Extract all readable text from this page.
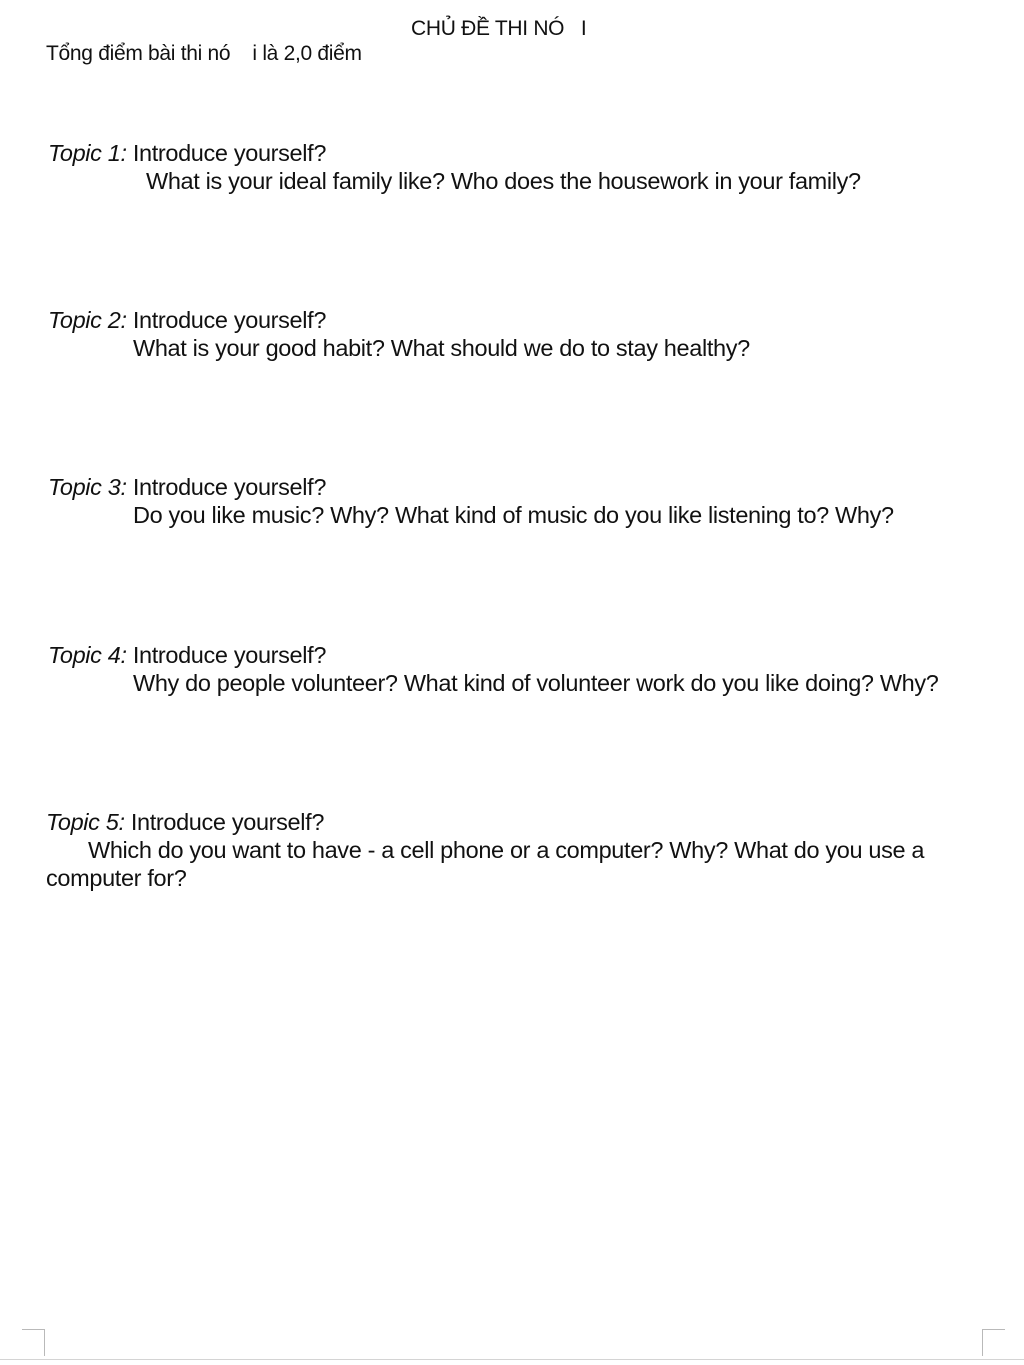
CHỦ ĐỀ THI NÓ   I
Tổng điểm bài thi nó    i là 2,0 điểm
Topic 1: Introduce yourself?
What is your ideal family like? Who does the housework in your family?
Topic 2: Introduce yourself?
What is your good habit? What should we do to stay healthy?
Topic 3: Introduce yourself?
Do you like music? Why? What kind of music do you like listening to? Why?
Topic 4: Introduce yourself?
Why do people volunteer? What kind of volunteer work do you like doing? Why?
Topic 5: Introduce yourself?
Which do you want to have - a cell phone or a computer? Why? What do you use a computer for?
